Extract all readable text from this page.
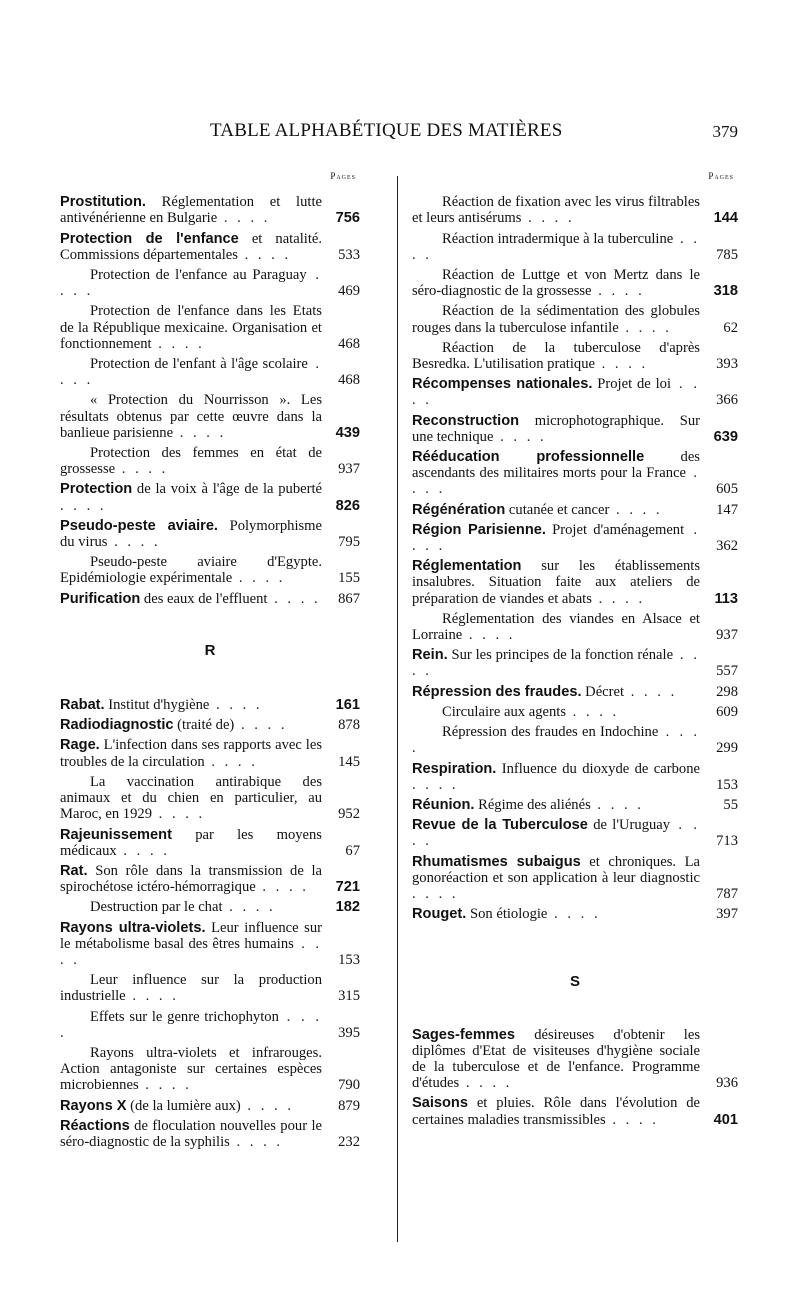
TABLE ALPHABÉTIQUE DES MATIÈRES	379
Pages
Prostitution. Réglementation et lutte antivénérienne en Bulgarie . . . .	756
Protection de l'enfance et natalité. Commissions départementales . . . .	533
Protection de l'enfance au Paraguay . . . .	469
Protection de l'enfance dans les Etats de la République mexicaine. Organisation et fonctionnement . . . .	468
Protection de l'enfant à l'âge scolaire . . . .	468
« Protection du Nourrisson ». Les résultats obtenus par cette œuvre dans la banlieue parisienne . . . .	439
Protection des femmes en état de grossesse . . . .	937
Protection de la voix à l'âge de la puberté . . . .	826
Pseudo-peste aviaire. Polymorphisme du virus . . . .	795
Pseudo-peste aviaire d'Egypte. Epidémiologie expérimentale . . . .	155
Purification des eaux de l'effluent . . . .	867
R
Rabat. Institut d'hygiène . . . .	161
Radiodiagnostic (traité de) . . . .	878
Rage. L'infection dans ses rapports avec les troubles de la circulation . . . .	145
La vaccination antirabique des animaux et du chien en particulier, au Maroc, en 1929 . . . .	952
Rajeunissement par les moyens médicaux . . . .	67
Rat. Son rôle dans la transmission de la spirochétose ictéro-hémorragique . . . .	721
Destruction par le chat . . . .	182
Rayons ultra-violets. Leur influence sur le métabolisme basal des êtres humains . . . .	153
Leur influence sur la production industrielle . . . .	315
Effets sur le genre trichophyton . . . .	395
Rayons ultra-violets et infrarouges. Action antagoniste sur certaines espèces microbiennes . . . .	790
Rayons X (de la lumière aux) . . . .	879
Réactions de floculation nouvelles pour le séro-diagnostic de la syphilis . . . .	232
Pages
Réaction de fixation avec les virus filtrables et leurs antisérums . . . .	144
Réaction intradermique à la tuberculine . . . .	785
Réaction de Luttge et von Mertz dans le séro-diagnostic de la grossesse . . . .	318
Réaction de la sédimentation des globules rouges dans la tuberculose infantile . . . .	62
Réaction de la tuberculose d'après Besredka. L'utilisation pratique . . . .	393
Récompenses nationales. Projet de loi . . . .	366
Reconstruction microphotographique. Sur une technique . . . .	639
Rééducation professionnelle des ascendants des militaires morts pour la France . . . .	605
Régénération cutanée et cancer . . . .	147
Région Parisienne. Projet d'aménagement . . . .	362
Réglementation sur les établissements insalubres. Situation faite aux ateliers de préparation de viandes et abats . . . .	113
Réglementation des viandes en Alsace et Lorraine . . . .	937
Rein. Sur les principes de la fonction rénale . . . .	557
Répression des fraudes. Décret . . . .	298
Circulaire aux agents . . . .	609
Répression des fraudes en Indochine . . . .	299
Respiration. Influence du dioxyde de carbone . . . .	153
Réunion. Régime des aliénés . . . .	55
Revue de la Tuberculose de l'Uruguay . . . .	713
Rhumatismes subaigus et chroniques. La gonoréaction et son application à leur diagnostic . . . .	787
Rouget. Son étiologie . . . .	397
S
Sages-femmes désireuses d'obtenir les diplômes d'Etat de visiteuses d'hygiène sociale de la tuberculose et de l'enfance. Programme d'études . . . .	936
Saisons et pluies. Rôle dans l'évolution de certaines maladies transmissibles . . . .	401
